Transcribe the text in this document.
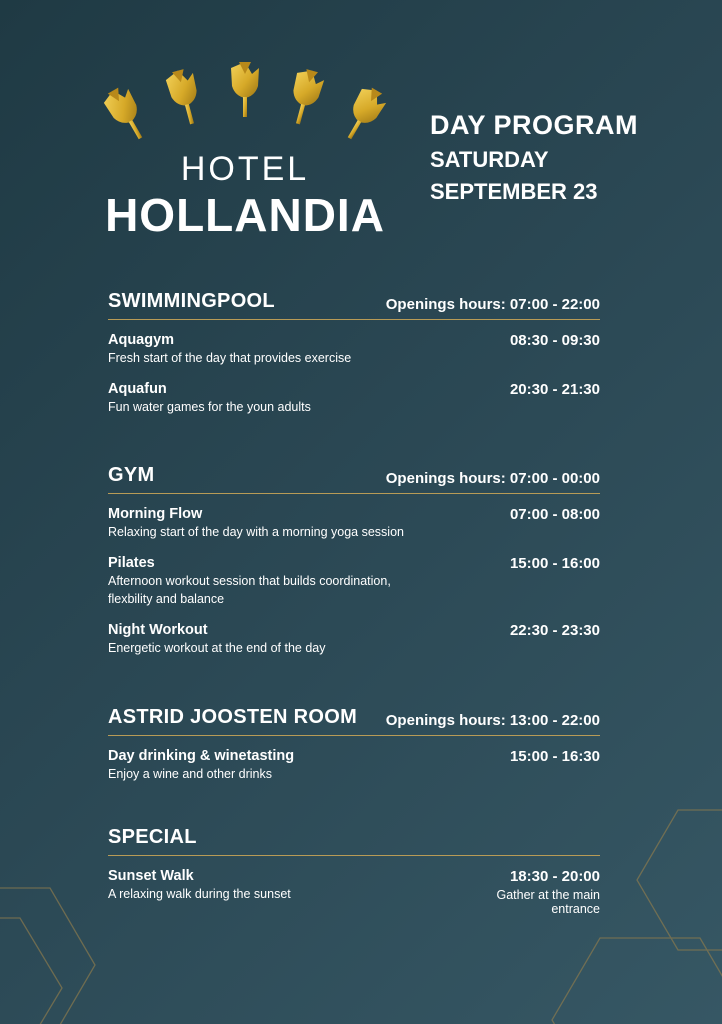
HOTEL
HOLLANDIA
DAY PROGRAM
SATURDAY
SEPTEMBER 23
SWIMMINGPOOL	Openings hours: 07:00 - 22:00
Aquagym
Fresh start of the day that provides exercise
08:30 - 09:30
Aquafun
Fun water games for the youn adults
20:30 - 21:30
GYM	Openings hours: 07:00 - 00:00
Morning Flow
Relaxing start of the day with a morning yoga session
07:00 - 08:00
Pilates
Afternoon workout session that builds coordination, flexbility and balance
15:00 - 16:00
Night Workout
Energetic workout at the end of the day
22:30 - 23:30
ASTRID JOOSTEN ROOM Openings hours: 13:00 - 22:00
Day drinking & winetasting
Enjoy a wine and other drinks
15:00 - 16:30
SPECIAL
Sunset Walk
A relaxing walk during the sunset
18:30 - 20:00
Gather at the main entrance
